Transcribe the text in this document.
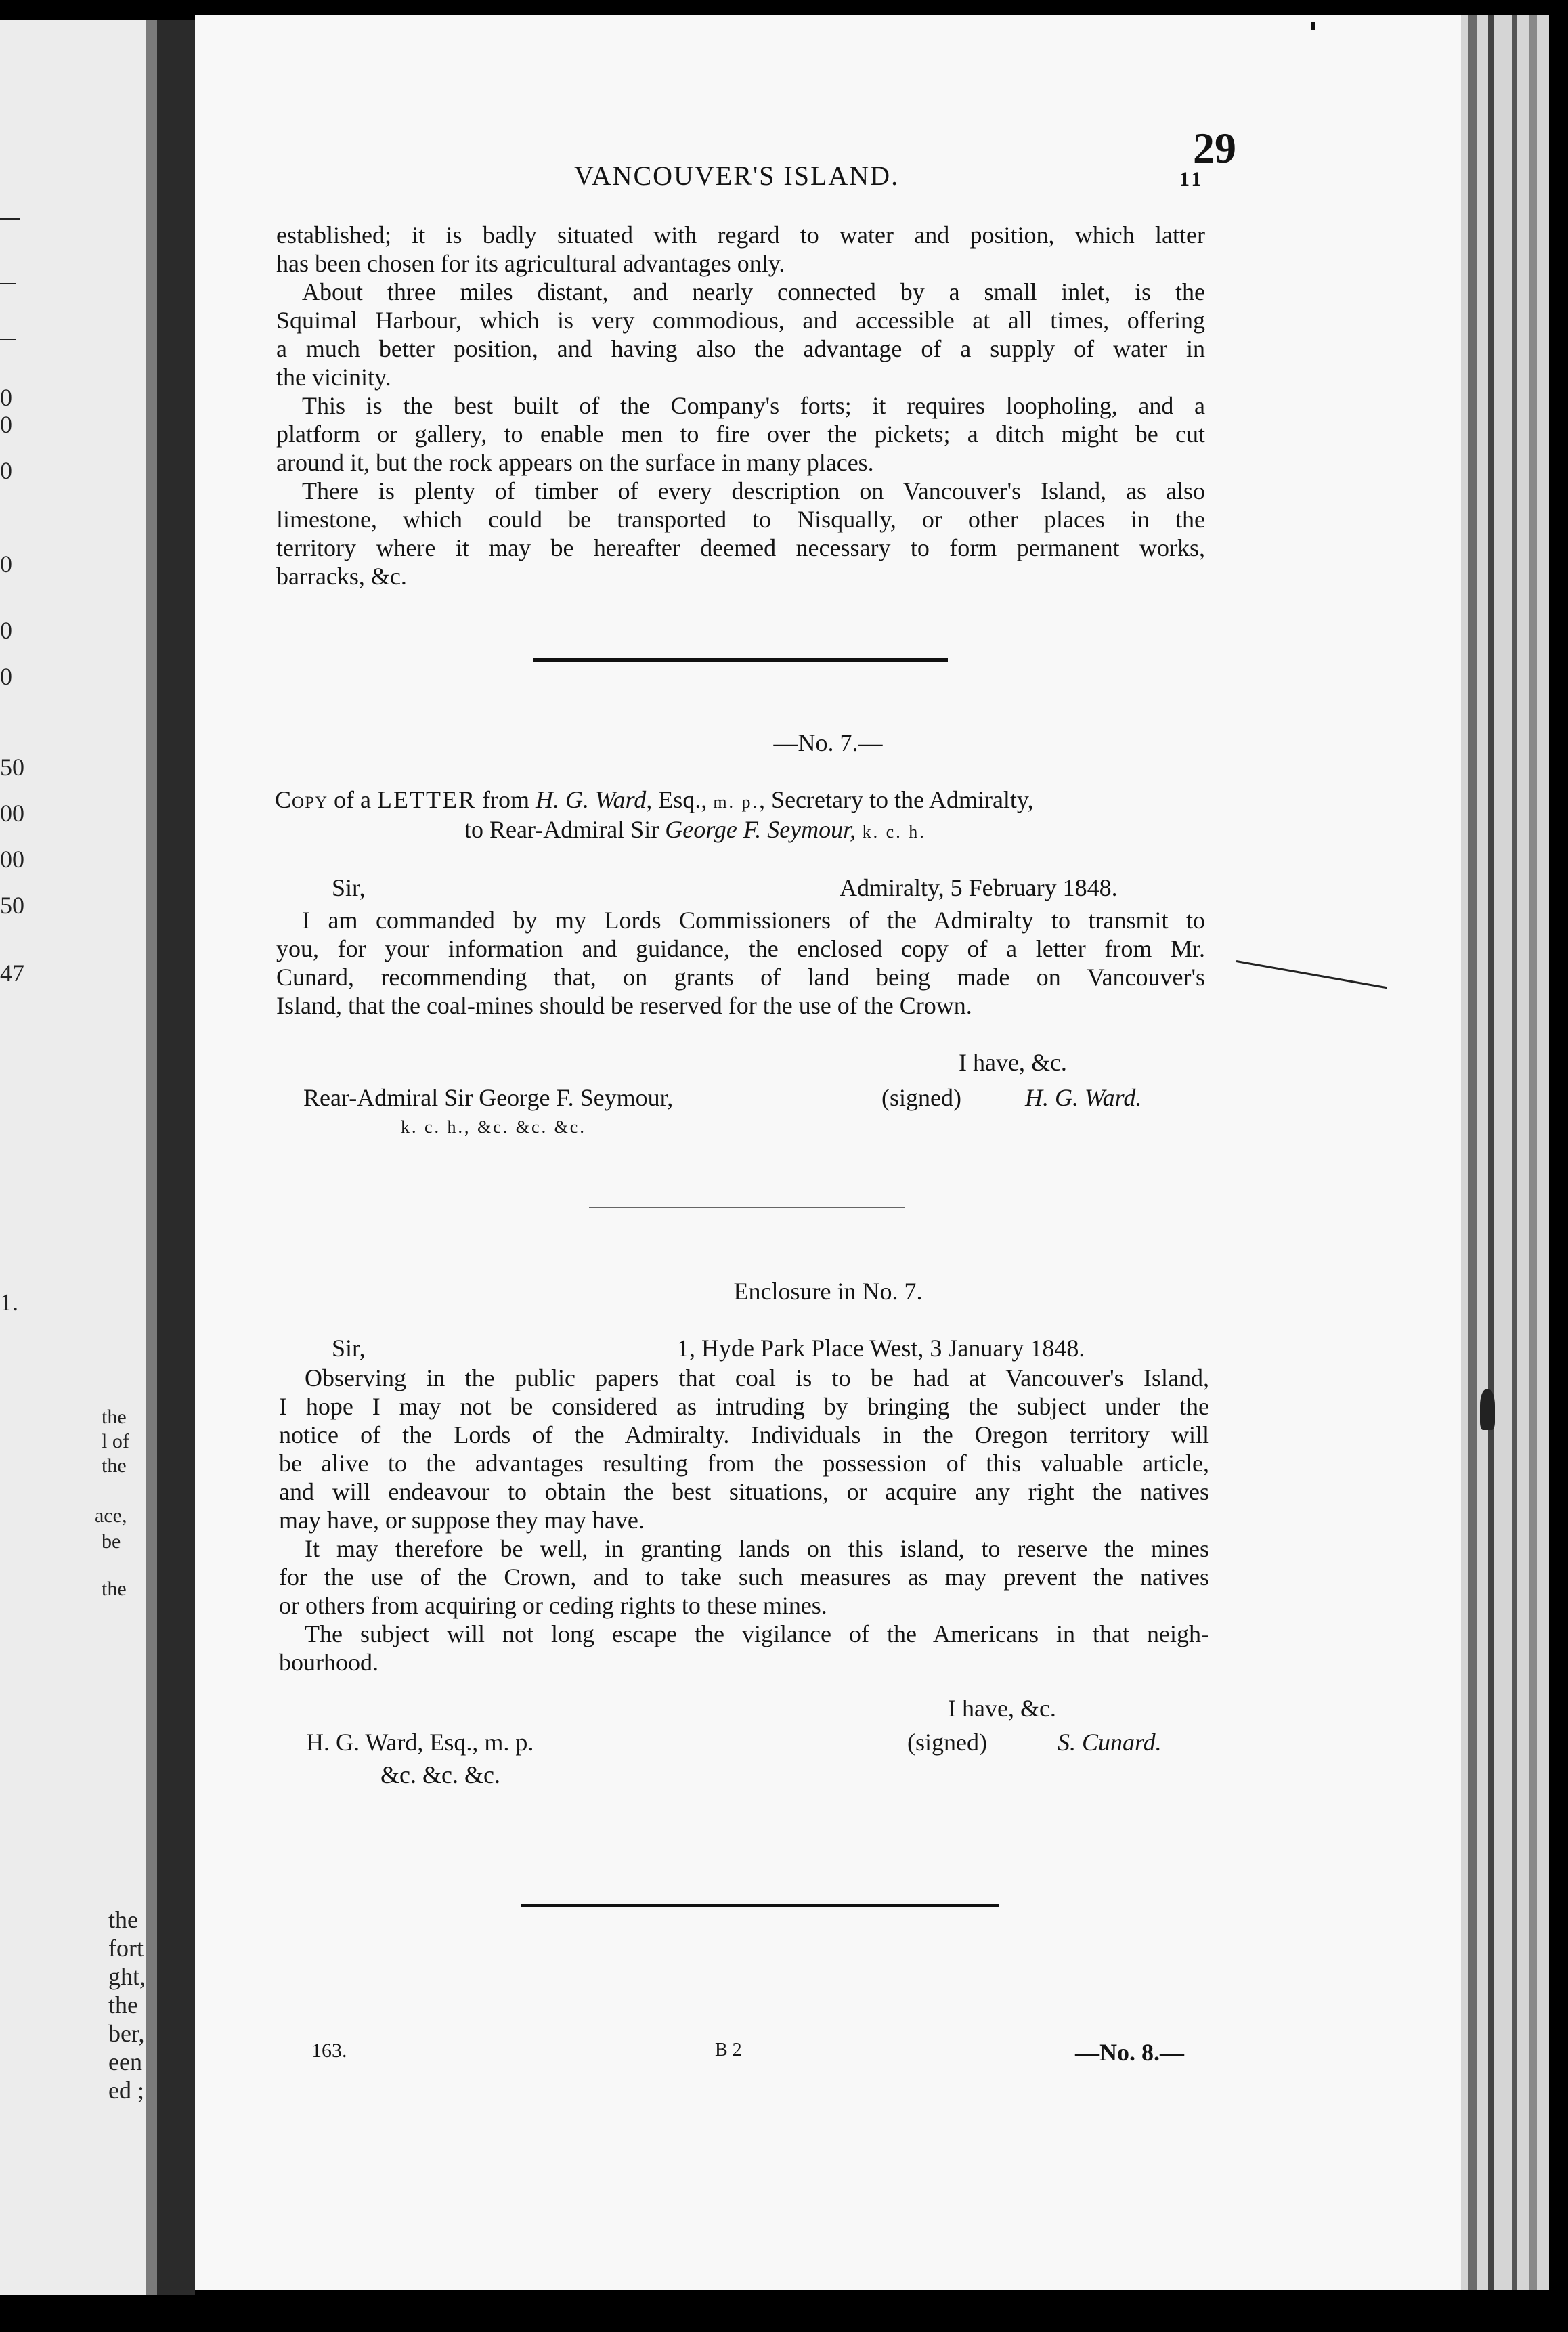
0
0
0
0
0
0
50
00
00
50
47
1.
the
l of
the
ace,
be
the
the
fort
ght,
the
ber,
een
ed ;
29
11
VANCOUVER'S ISLAND.
established; it is badly situated with regard to water and position, which latter
has been chosen for its agricultural advantages only.
About three miles distant, and nearly connected by a small inlet, is the
Squimal Harbour, which is very commodious, and accessible at all times, offering
a much better position, and having also the advantage of a supply of water in
the vicinity.
This is the best built of the Company's forts; it requires loopholing, and a
platform or gallery, to enable men to fire over the pickets; a ditch might be cut
around it, but the rock appears on the surface in many places.
There is plenty of timber of every description on Vancouver's Island, as also
limestone, which could be transported to Nisqually, or other places in the
territory where it may be hereafter deemed necessary to form permanent works,
barracks, &c.
—No. 7.—
Copy of a LETTER from H. G. Ward, Esq., m. p., Secretary to the Admiralty,
to Rear-Admiral Sir George F. Seymour, k. c. h.
Sir,	Admiralty, 5 February 1848.
I am commanded by my Lords Commissioners of the Admiralty to transmit to
you, for your information and guidance, the enclosed copy of a letter from Mr.
Cunard, recommending that, on grants of land being made on Vancouver's
Island, that the coal-mines should be reserved for the use of the Crown.
I have, &c.
Rear-Admiral Sir George F. Seymour,	(signed)	H. G. Ward.
k. c. h., &c. &c. &c.
Enclosure in No. 7.
Sir,	1, Hyde Park Place West, 3 January 1848.
Observing in the public papers that coal is to be had at Vancouver's Island,
I hope I may not be considered as intruding by bringing the subject under the
notice of the Lords of the Admiralty. Individuals in the Oregon territory will
be alive to the advantages resulting from the possession of this valuable article,
and will endeavour to obtain the best situations, or acquire any right the natives
may have, or suppose they may have.
It may therefore be well, in granting lands on this island, to reserve the mines
for the use of the Crown, and to take such measures as may prevent the natives
or others from acquiring or ceding rights to these mines.
The subject will not long escape the vigilance of the Americans in that neigh-
bourhood.
I have, &c.
H. G. Ward, Esq., m. p.	(signed)	S. Cunard.
&c. &c. &c.
163.	B 2	—No. 8.—
